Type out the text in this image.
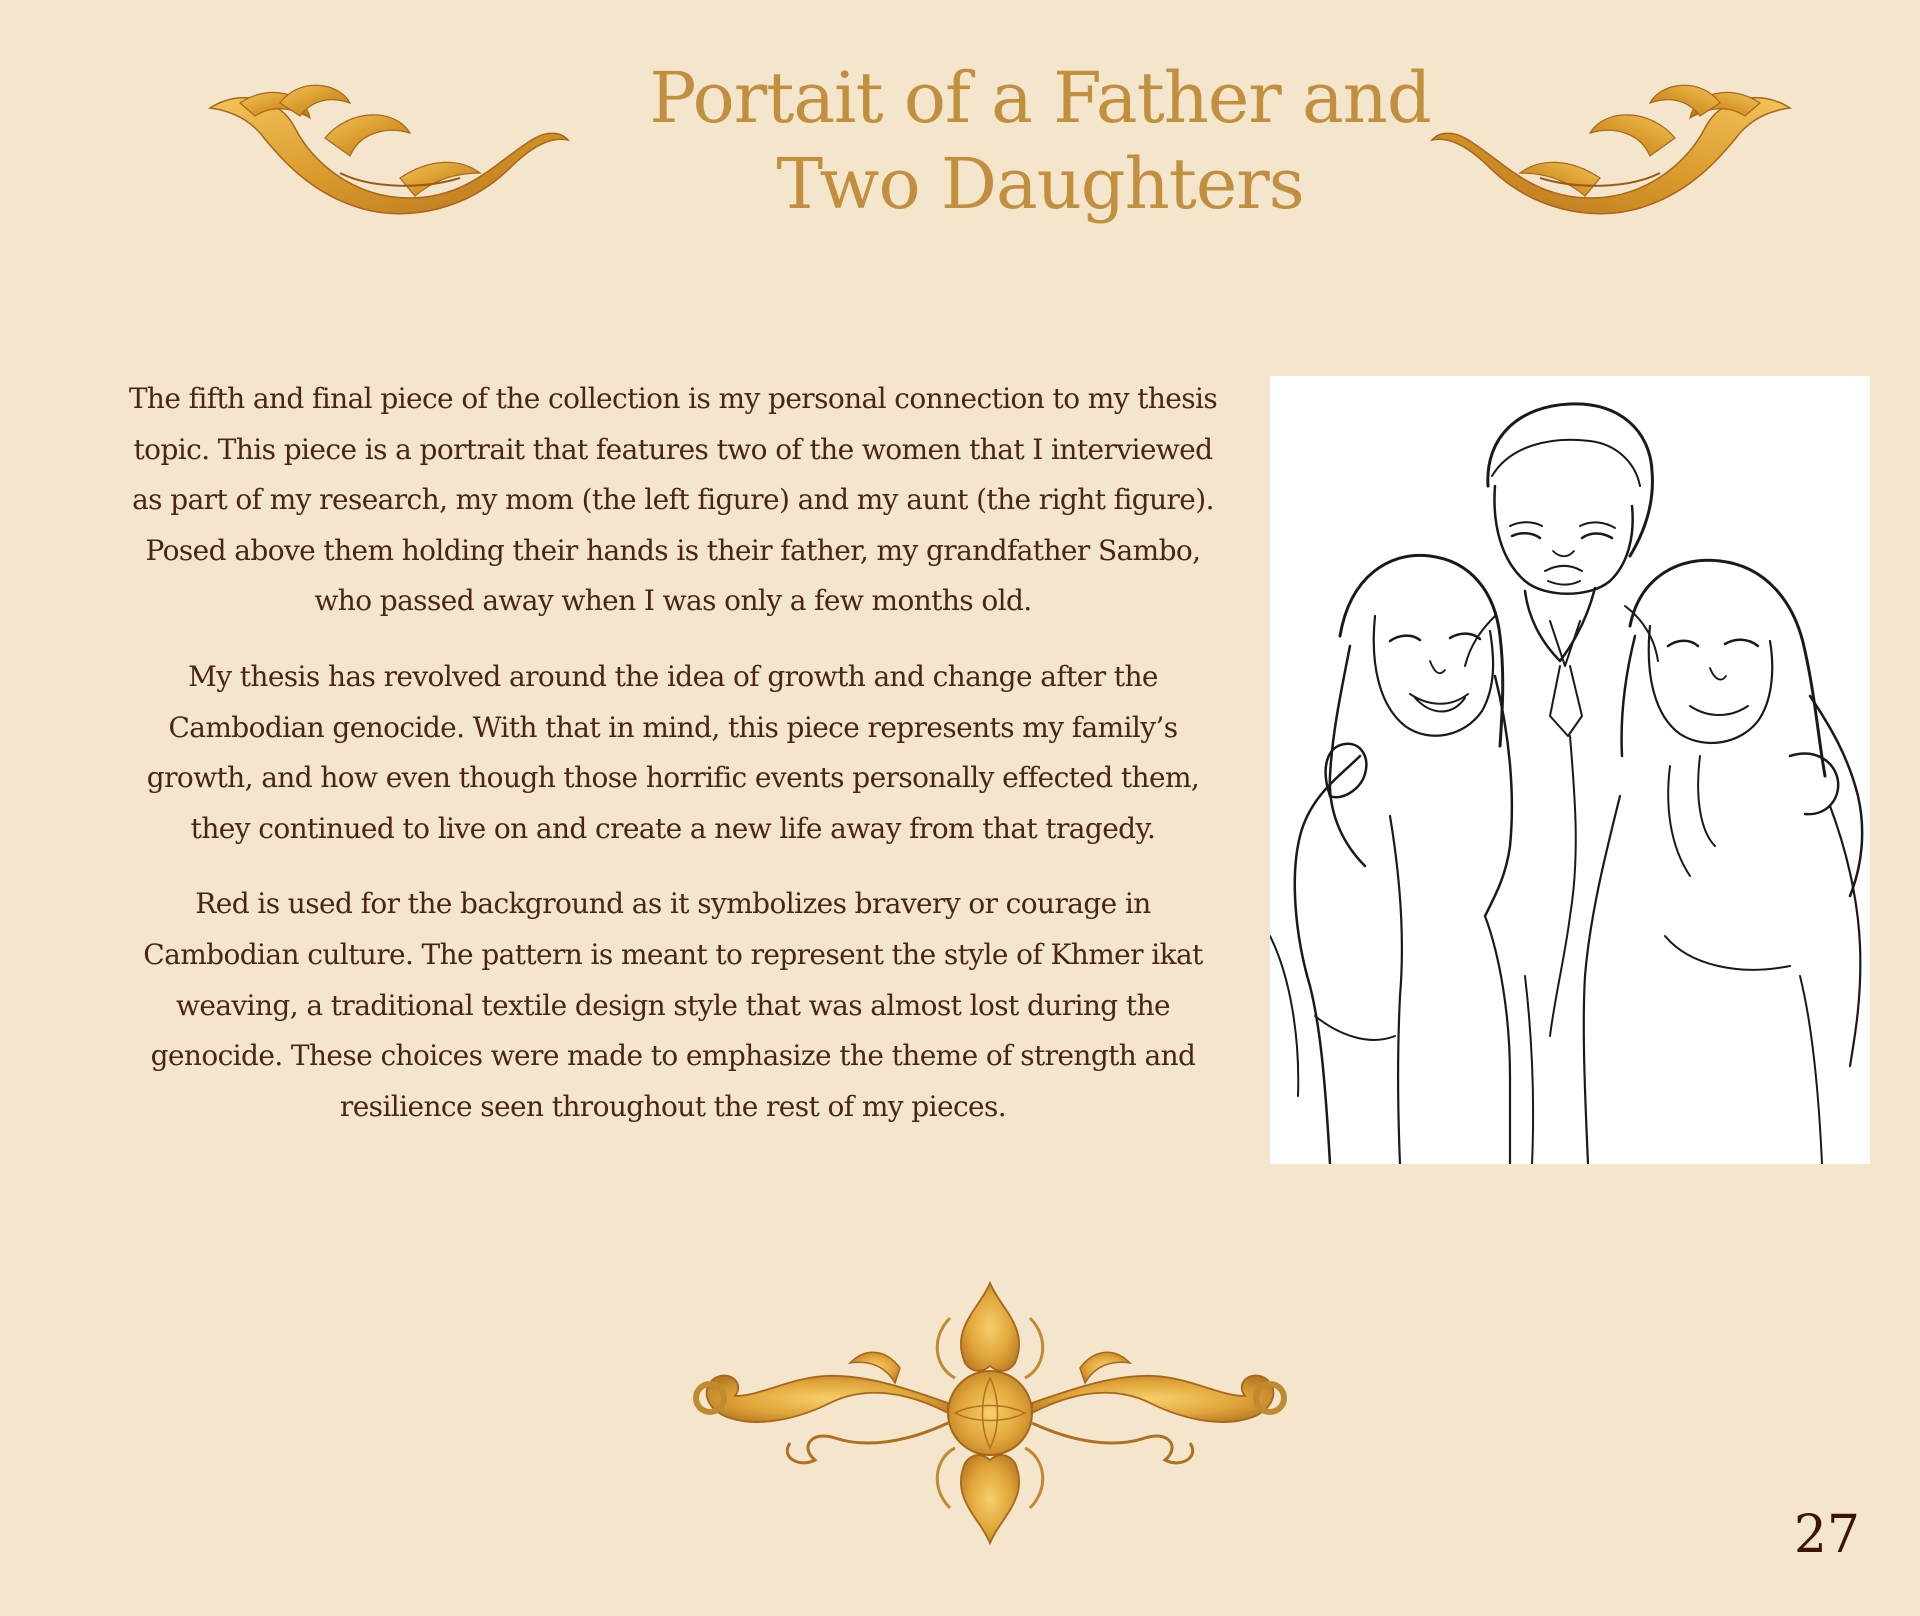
Portait of a Father and
Two Daughters

The fifth and final piece of the collection is my personal connection to my thesis topic. This piece is a portrait that features two of the women that I interviewed as part of my research, my mom (the left figure) and my aunt (the right figure). Posed above them holding their hands is their father, my grandfather Sambo, who passed away when I was only a few months old.

My thesis has revolved around the idea of growth and change after the Cambodian genocide. With that in mind, this piece represents my family’s growth, and how even though those horrific events personally effected them, they continued to live on and create a new life away from that tragedy.

Red is used for the background as it symbolizes bravery or courage in Cambodian culture. The pattern is meant to represent the style of Khmer ikat weaving, a traditional textile design style that was almost lost during the genocide. These choices were made to emphasize the theme of strength and resilience seen throughout the rest of my pieces.

27
